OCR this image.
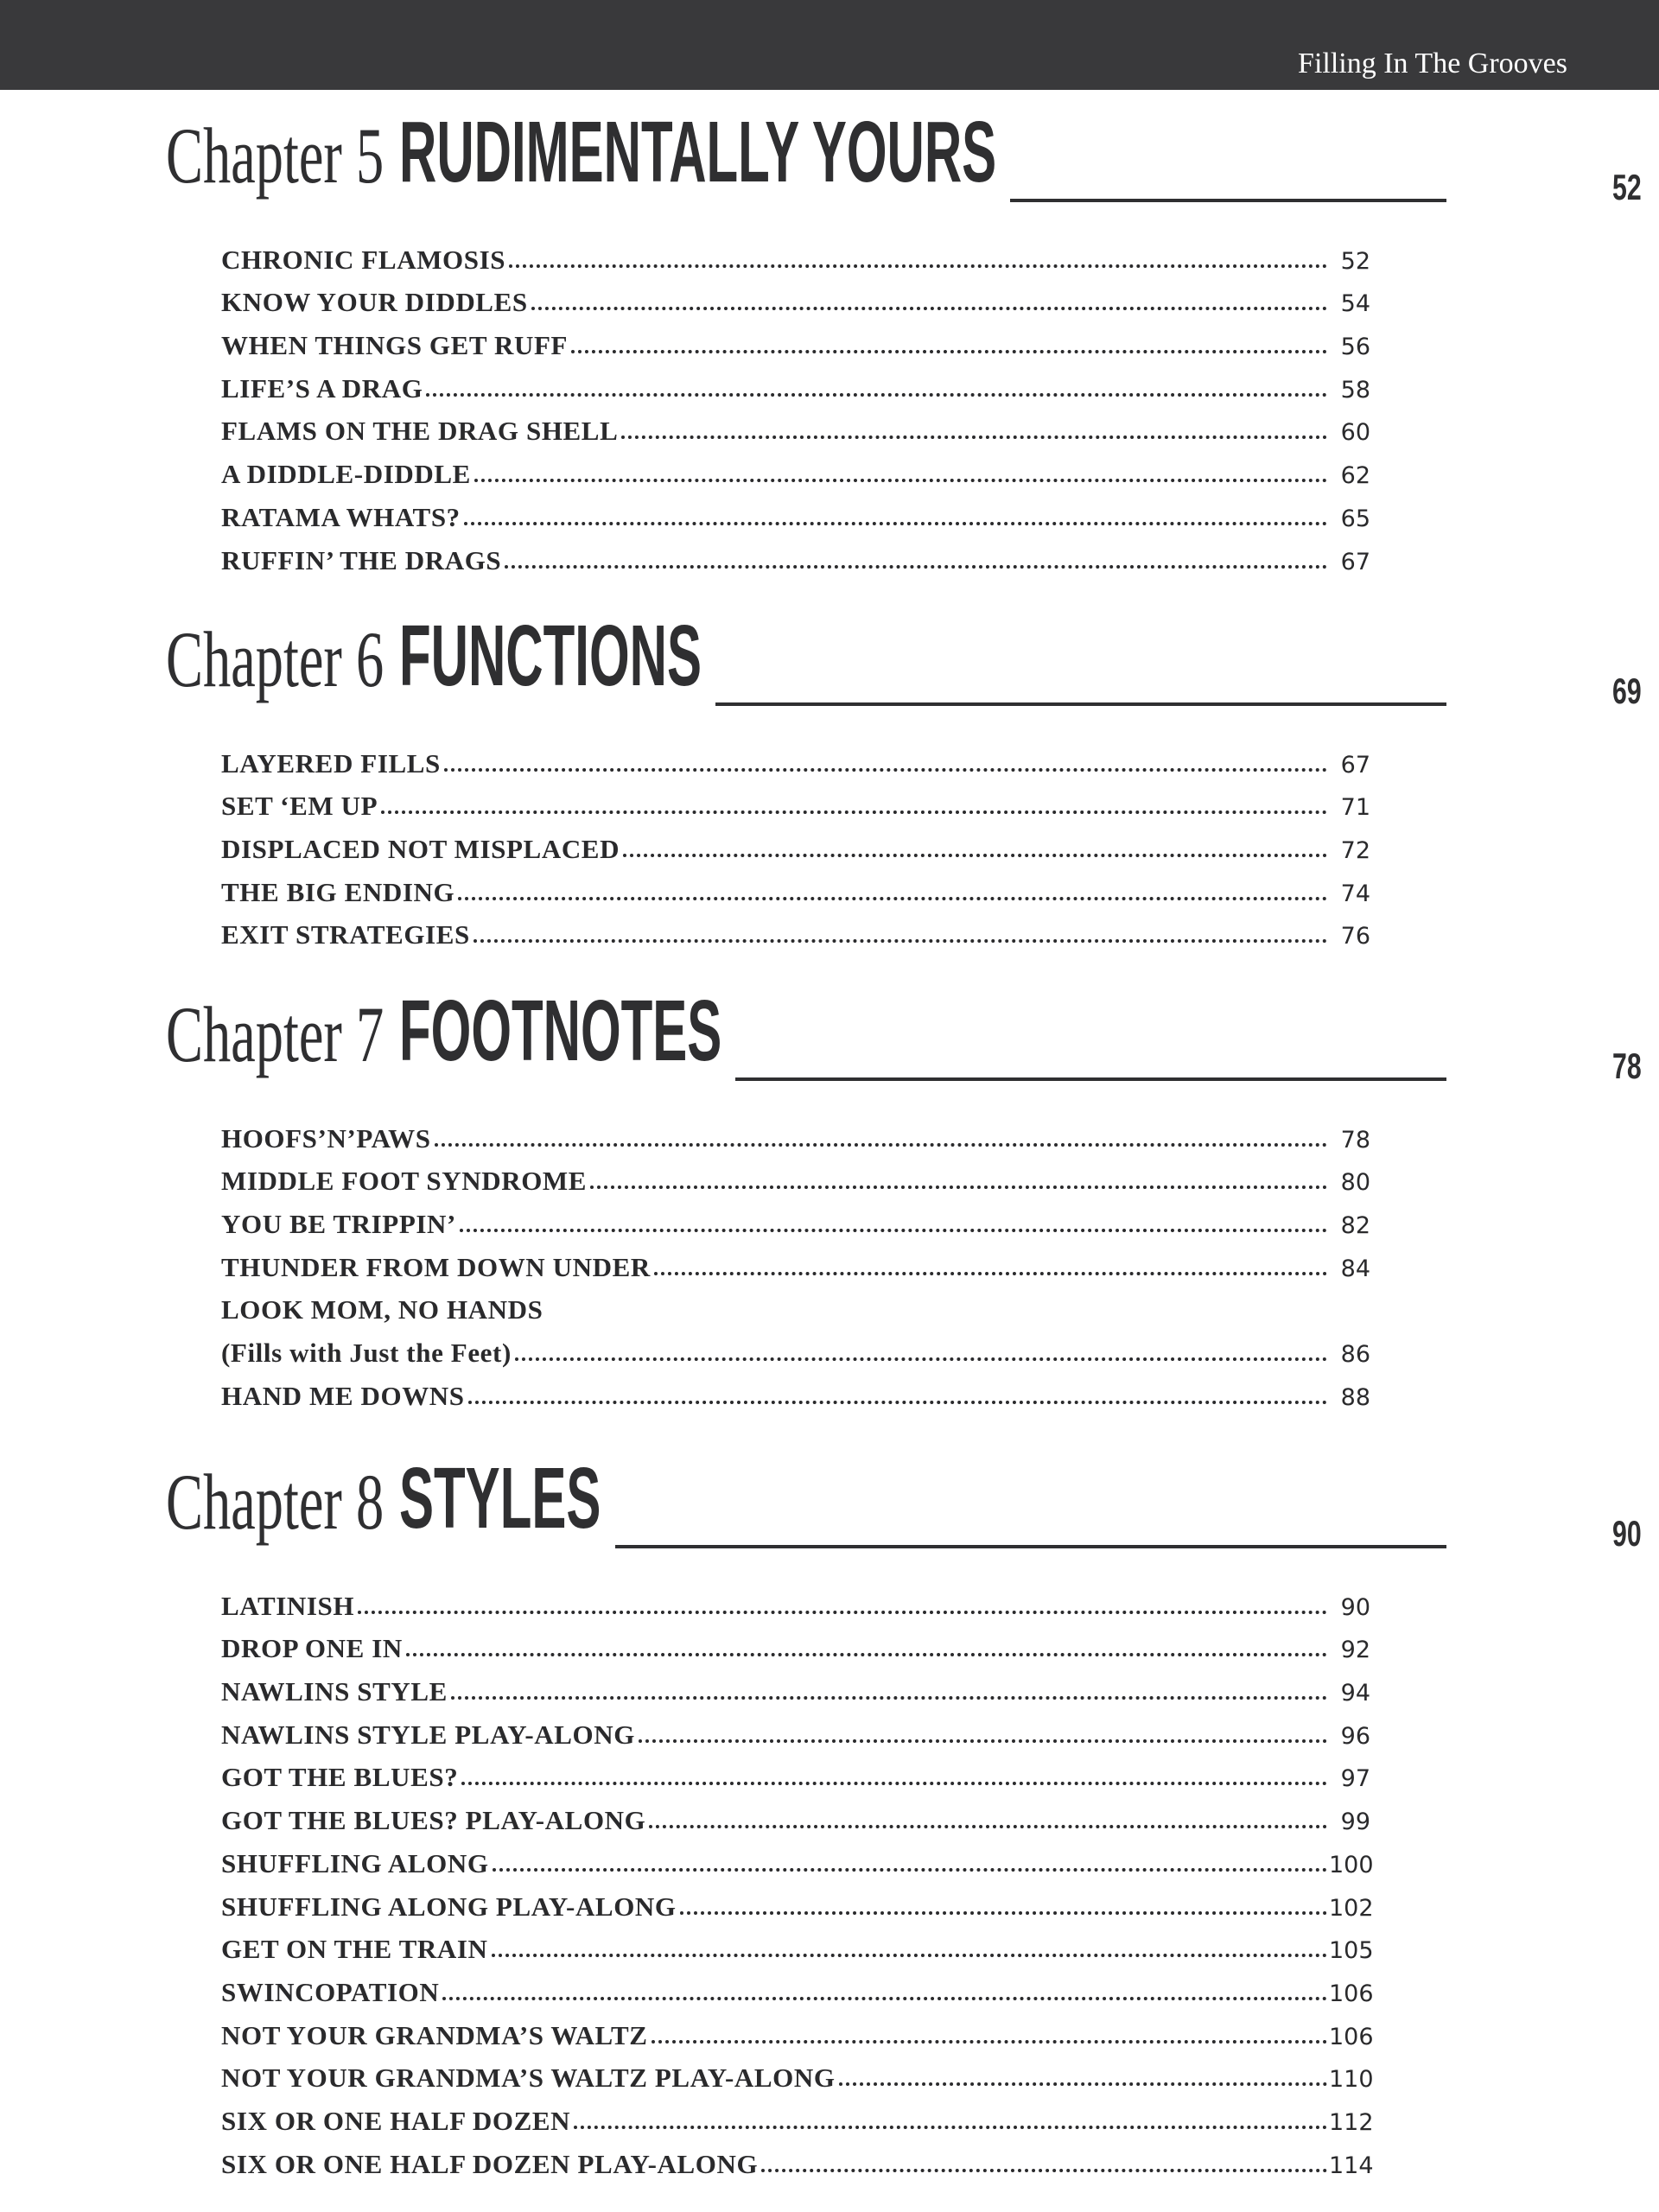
Filling In The Grooves
Chapter 5 RUDIMENTALLY YOURS	52
CHRONIC FLAMOSIS	52
KNOW YOUR DIDDLES	54
WHEN THINGS GET RUFF	56
LIFE’S A DRAG	58
FLAMS ON THE DRAG SHELL	60
A DIDDLE-DIDDLE	62
RATAMA WHATS?	65
RUFFIN’ THE DRAGS	67
Chapter 6 FUNCTIONS	69
LAYERED FILLS	67
SET ‘EM UP	71
DISPLACED NOT MISPLACED	72
THE BIG ENDING	74
EXIT STRATEGIES	76
Chapter 7 FOOTNOTES	78
HOOFS’N’PAWS	78
MIDDLE FOOT SYNDROME	80
YOU BE TRIPPIN’	82
THUNDER FROM DOWN UNDER	84
LOOK MOM, NO HANDS
(Fills with Just the Feet)	86
HAND ME DOWNS	88
Chapter 8 STYLES	90
LATINISH	90
DROP ONE IN	92
NAWLINS STYLE	94
NAWLINS STYLE PLAY-ALONG	96
GOT THE BLUES?	97
GOT THE BLUES? PLAY-ALONG	99
SHUFFLING ALONG	100
SHUFFLING ALONG PLAY-ALONG	102
GET ON THE TRAIN	105
SWINCOPATION	106
NOT YOUR GRANDMA’S WALTZ	106
NOT YOUR GRANDMA’S WALTZ PLAY-ALONG	110
SIX OR ONE HALF DOZEN	112
SIX OR ONE HALF DOZEN PLAY-ALONG	114
